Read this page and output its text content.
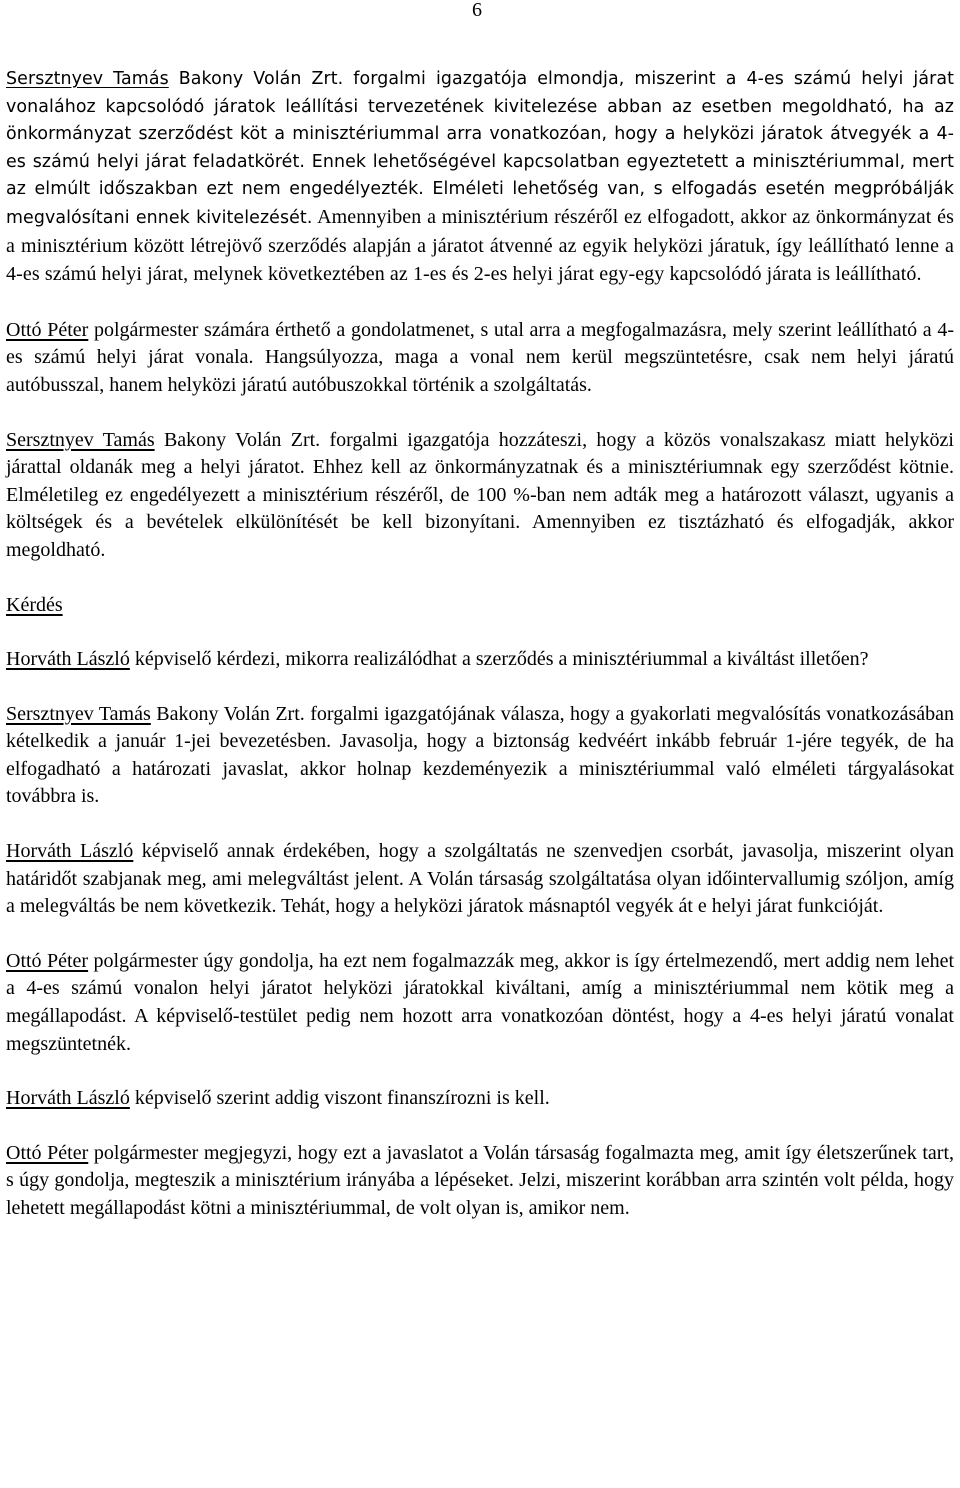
6

Sersztnyev Tamás Bakony Volán Zrt. forgalmi igazgatója elmondja, miszerint a 4-es számú helyi járat vonalához kapcsolódó járatok leállítási tervezetének kivitelezése abban az esetben megoldható, ha az önkormányzat szerződést köt a minisztériummal arra vonatkozóan, hogy a helyközi járatok átvegyék a 4-es számú helyi járat feladatkörét. Ennek lehetőségével kapcsolatban egyeztetett a minisztériummal, mert az elmúlt időszakban ezt nem engedélyezték. Elméleti lehetőség van, s elfogadás esetén megpróbálják megvalósítani ennek kivitelezését. Amennyiben a minisztérium részéről ez elfogadott, akkor az önkormányzat és a minisztérium között létrejövő szerződés alapján a járatot átvenné az egyik helyközi járatuk, így leállítható lenne a 4-es számú helyi járat, melynek következtében az 1-es és 2-es helyi járat egy-egy kapcsolódó járata is leállítható.

Ottó Péter polgármester számára érthető a gondolatmenet, s utal arra a megfogalmazásra, mely szerint leállítható a 4-es számú helyi járat vonala. Hangsúlyozza, maga a vonal nem kerül megszüntetésre, csak nem helyi járatú autóbusszal, hanem helyközi járatú autóbuszokkal történik a szolgáltatás.

Sersztnyev Tamás Bakony Volán Zrt. forgalmi igazgatója hozzáteszi, hogy a közös vonalszakasz miatt helyközi járattal oldanák meg a helyi járatot. Ehhez kell az önkormányzatnak és a minisztériumnak egy szerződést kötnie. Elméletileg ez engedélyezett a minisztérium részéről, de 100 %-ban nem adták meg a határozott választ, ugyanis a költségek és a bevételek elkülönítését be kell bizonyítani. Amennyiben ez tisztázható és elfogadják, akkor megoldható.

Kérdés

Horváth László képviselő kérdezi, mikorra realizálódhat a szerződés a minisztériummal a kiváltást illetően?

Sersztnyev Tamás Bakony Volán Zrt. forgalmi igazgatójának válasza, hogy a gyakorlati megvalósítás vonatkozásában kételkedik a január 1-jei bevezetésben. Javasolja, hogy a biztonság kedvéért inkább február 1-jére tegyék, de ha elfogadható a határozati javaslat, akkor holnap kezdeményezik a minisztériummal való elméleti tárgyalásokat továbbra is.

Horváth László képviselő annak érdekében, hogy a szolgáltatás ne szenvedjen csorbát, javasolja, miszerint olyan határidőt szabjanak meg, ami melegváltást jelent. A Volán társaság szolgáltatása olyan időintervallumig szóljon, amíg a melegváltás be nem következik. Tehát, hogy a helyközi járatok másnaptól vegyék át e helyi járat funkcióját.

Ottó Péter polgármester úgy gondolja, ha ezt nem fogalmazzák meg, akkor is így értelmezendő, mert addig nem lehet a 4-es számú vonalon helyi járatot helyközi járatokkal kiváltani, amíg a minisztériummal nem kötik meg a megállapodást. A képviselő-testület pedig nem hozott arra vonatkozóan döntést, hogy a 4-es helyi járatú vonalat megszüntetnék.

Horváth László képviselő szerint addig viszont finanszírozni is kell.

Ottó Péter polgármester megjegyzi, hogy ezt a javaslatot a Volán társaság fogalmazta meg, amit így életszerűnek tart, s úgy gondolja, megteszik a minisztérium irányába a lépéseket. Jelzi, miszerint korábban arra szintén volt példa, hogy lehetett megállapodást kötni a minisztériummal, de volt olyan is, amikor nem.
